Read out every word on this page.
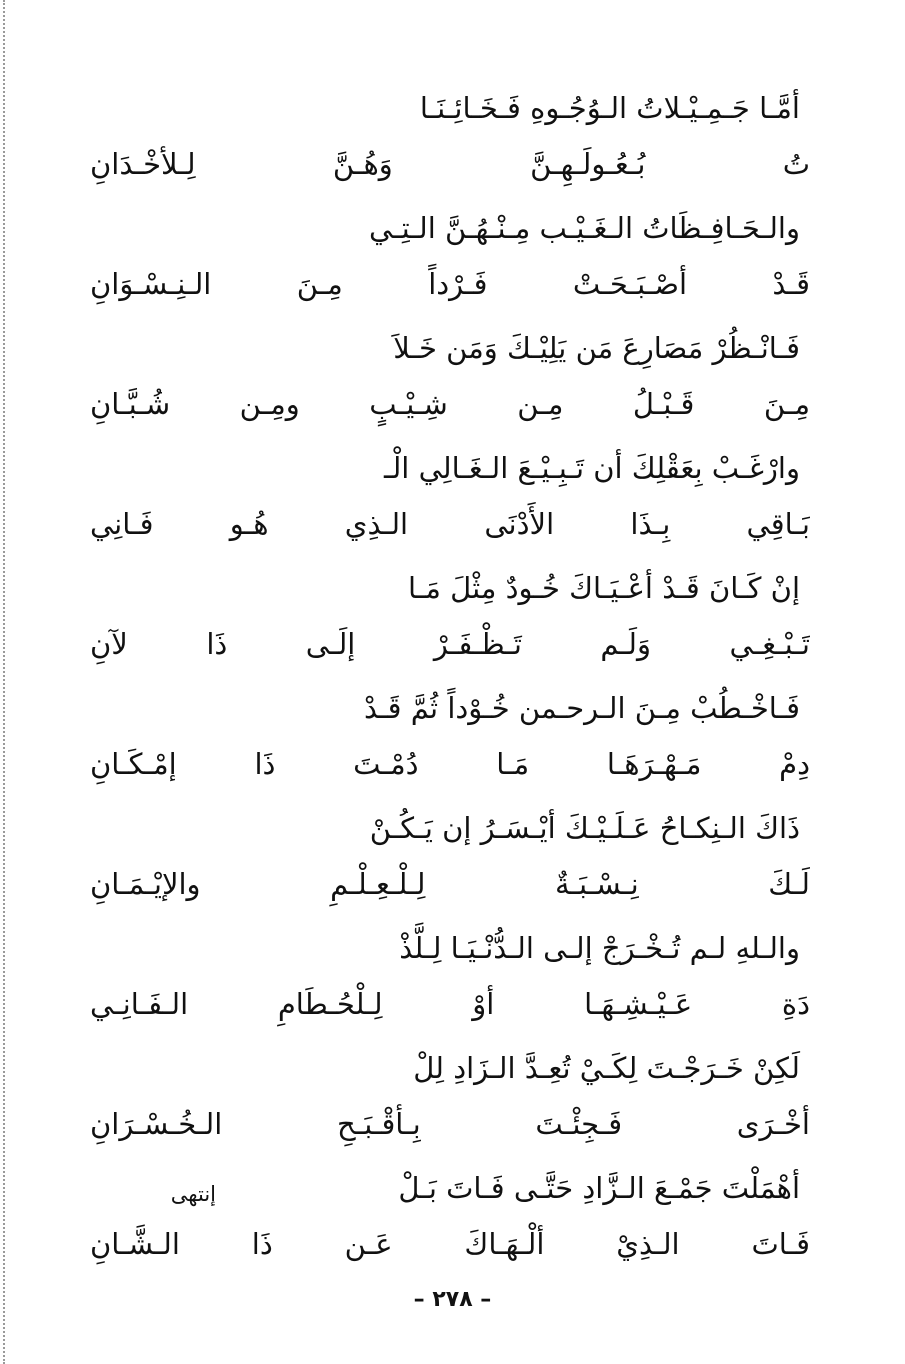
أمَّـا جَـمِـيْـلاتُ الـوُجُـوهِ فَـخَـائِـنَـا
تُ بُـعُـولَـهِـنَّ وَهُـنَّ لِـلأخْـدَانِ
والـحَـافِـظَاتُ الـغَـيْـب مِـنْـهُـنَّ الـتِـي
قَـدْ أصْـبَـحَـتْ فَـرْداً مِـنَ الـنِـسْـوَانِ
فَـانْـظُرْ مَصَارِعَ مَن يَلِيْـكَ وَمَن خَـلاَ
مِـنَ قَـبْـلُ مِـن شِـيْـبٍ ومِـن شُـبَّـانِ
وارْغَـبْ بِعَقْلِكَ أن تَـبِـيْـعَ الـغَـالِي الْـ
بَـاقِي بِـذَا الأَدْنَى الـذِي هُـو فَـانِي
إنْ كَـانَ قَـدْ أعْـيَـاكَ خُـودٌ مِثْلَ مَـا
تَـبْـغِـي وَلَـم تَـظْـفَـرْ إلَـى ذَا لآنِ
فَـاخْـطُبْ مِـنَ الـرحـمن خُـوْداً ثُمَّ قَـدْ
دِمْ مَـهْـرَهَـا مَـا دُمْـتَ ذَا إمْـكَـانِ
ذَاكَ الـنِكـاحُ عَـلَـيْـكَ أيْـسَـرُ إن يَـكُـنْ
لَـكَ نِـسْـبَـةٌ لِـلْـعِـلْـمِ والإيْـمَـانِ
والـلهِ لـم تُـخْـرَجْ إلـى الـدُّنْـيَـا لِـلَّذْ
دَةِ عَـيْـشِـهَـا أوْ لِـلْحُـطَامِ الـفَـانِـي
لَكِنْ خَـرَجْـتَ لِكَـيْ تُعِـدَّ الـزَادِ لِلْ
أخْـرَى فَـجِئْـتَ بِـأقْـبَـحِ الـخُـسْـرَانِ
أهْمَلْتَ جَمْـعَ الـزَّادِ حَتَّـى فَـاتَ بَـلْ
فَـاتَ الـذِيْ ألْـهَـاكَ عَـن ذَا الـشَّـانِ
إنتهى
– ٢٧٨ –
